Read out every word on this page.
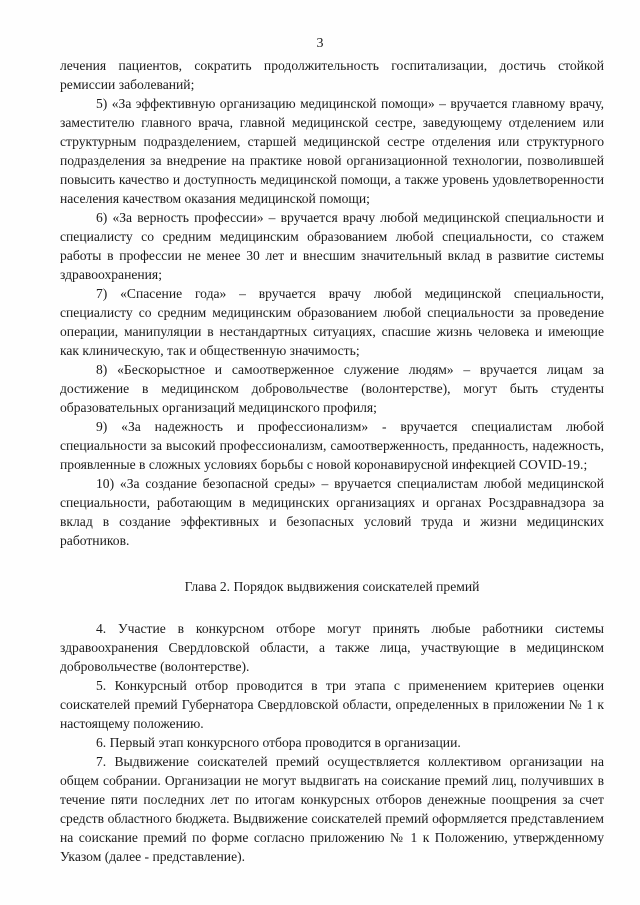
3

лечения пациентов, сократить продолжительность госпитализации, достичь стойкой ремиссии заболеваний;

5) «За эффективную организацию медицинской помощи» – вручается главному врачу, заместителю главного врача, главной медицинской сестре, заведующему отделением или структурным подразделением, старшей медицинской сестре отделения или структурного подразделения за внедрение на практике новой организационной технологии, позволившей повысить качество и доступность медицинской помощи, а также уровень удовлетворенности населения качеством оказания медицинской помощи;

6) «За верность профессии» – вручается врачу любой медицинской специальности и специалисту со средним медицинским образованием любой специальности, со стажем работы в профессии не менее 30 лет и внесшим значительный вклад в развитие системы здравоохранения;

7) «Спасение года» – вручается врачу любой медицинской специальности, специалисту со средним медицинским образованием любой специальности за проведение операции, манипуляции в нестандартных ситуациях, спасшие жизнь человека и имеющие как клиническую, так и общественную значимость;

8) «Бескорыстное и самоотверженное служение людям» – вручается лицам за достижение в медицинском добровольчестве (волонтерстве), могут быть студенты образовательных организаций медицинского профиля;

9) «За надежность и профессионализм» - вручается специалистам любой специальности за высокий профессионализм, самоотверженность, преданность, надежность, проявленные в сложных условиях борьбы с новой коронавирусной инфекцией COVID-19.;

10) «За создание безопасной среды» – вручается специалистам любой медицинской специальности, работающим в медицинских организациях и органах Росздравнадзора за вклад в создание эффективных и безопасных условий труда и жизни медицинских работников.

Глава 2. Порядок выдвижения соискателей премий

4. Участие в конкурсном отборе могут принять любые работники системы здравоохранения Свердловской области, а также лица, участвующие в медицинском добровольчестве (волонтерстве).

5. Конкурсный отбор проводится в три этапа с применением критериев оценки соискателей премий Губернатора Свердловской области, определенных в приложении № 1 к настоящему положению.

6. Первый этап конкурсного отбора проводится в организации.

7. Выдвижение соискателей премий осуществляется коллективом организации на общем собрании. Организации не могут выдвигать на соискание премий лиц, получивших в течение пяти последних лет по итогам конкурсных отборов денежные поощрения за счет средств областного бюджета. Выдвижение соискателей премий оформляется представлением на соискание премий по форме согласно приложению № 1 к Положению, утвержденному Указом (далее - представление).
